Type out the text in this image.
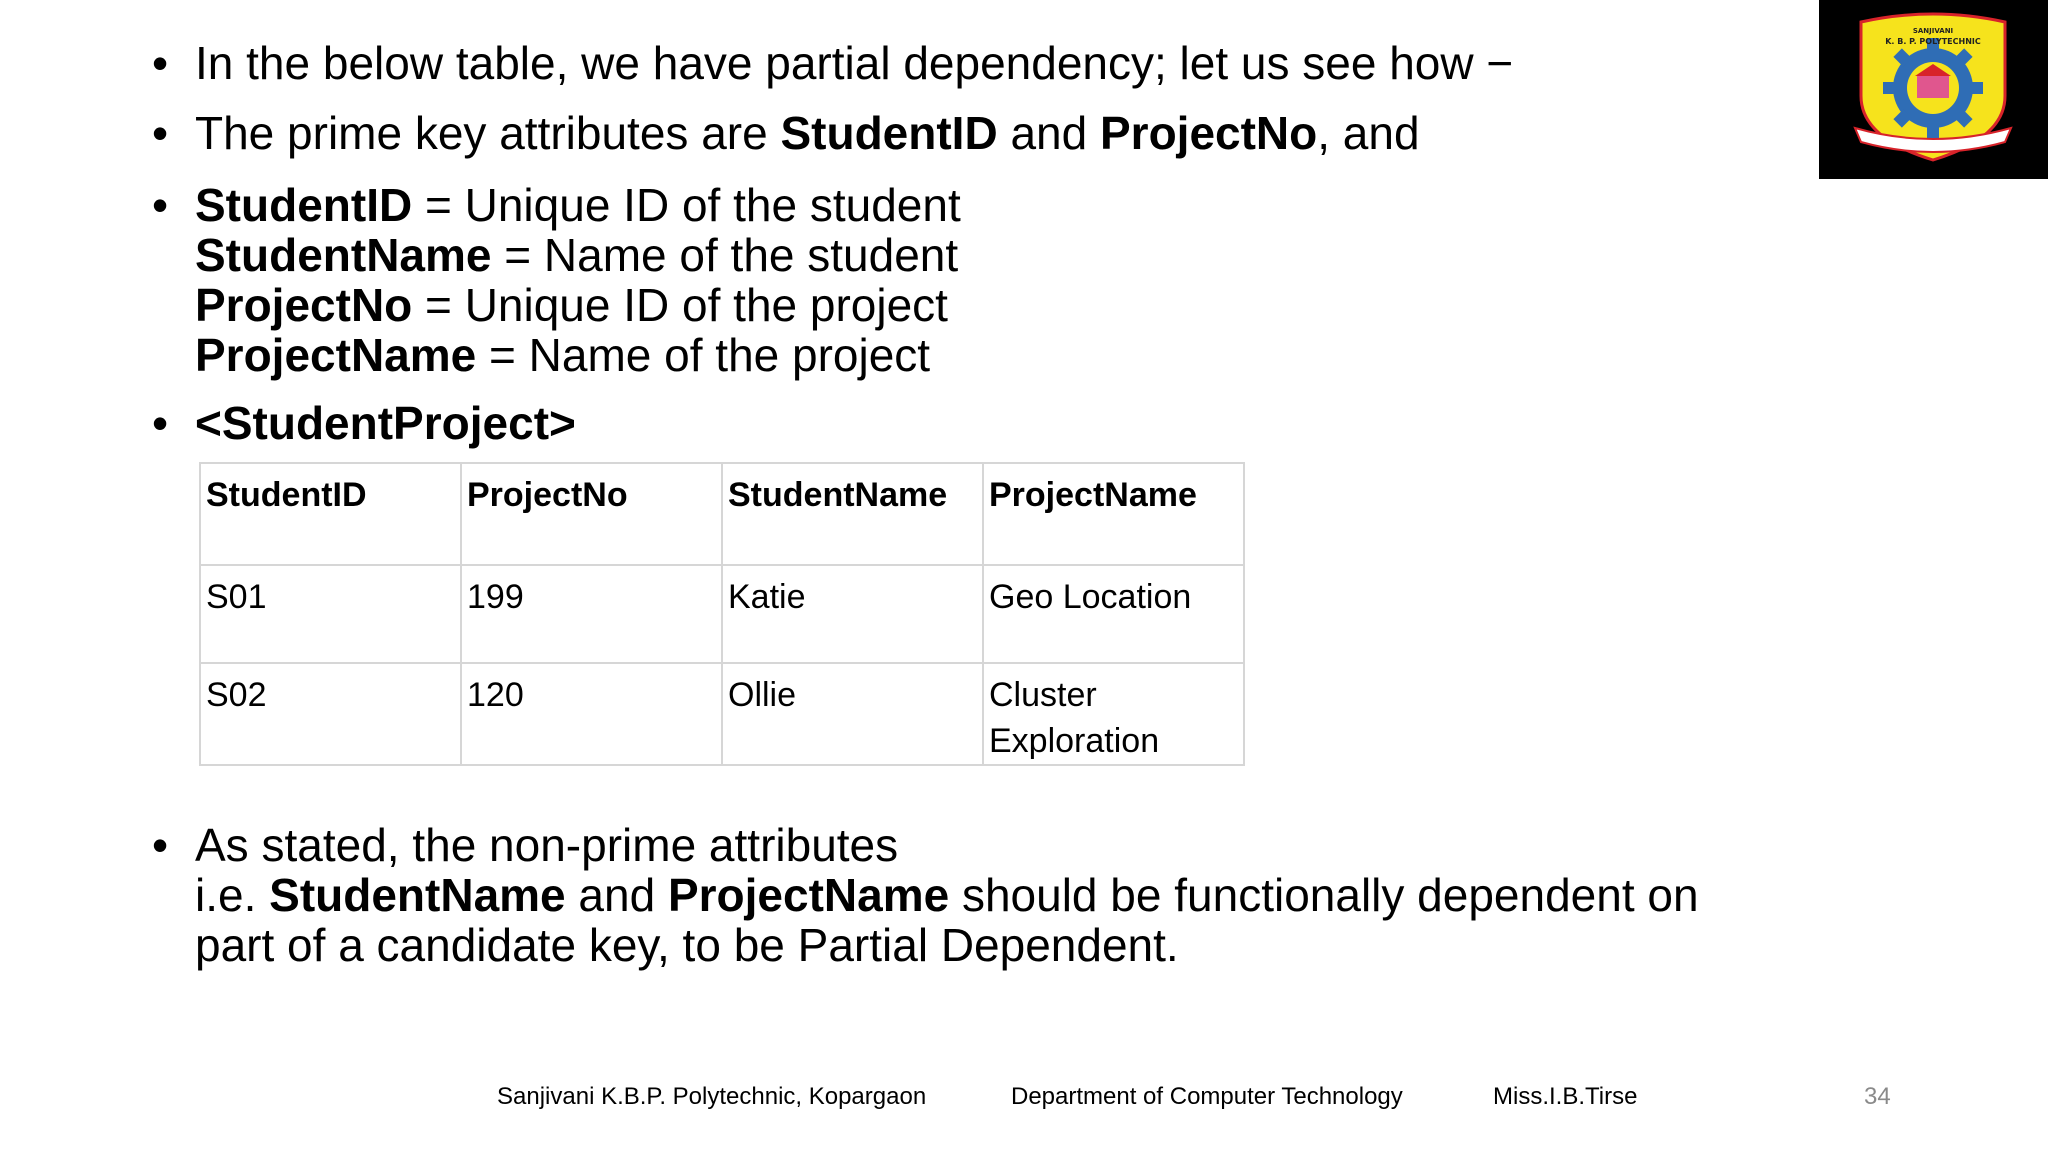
• In the below table, we have partial dependency; let us see how −
• The prime key attributes are StudentID and ProjectNo, and
• StudentID = Unique ID of the student
StudentName = Name of the student
ProjectNo = Unique ID of the project
ProjectName = Name of the project
• <StudentProject>
StudentID	ProjectNo	StudentName	ProjectName
S01	199	Katie	Geo Location
S02	120	Ollie	Cluster Exploration
• As stated, the non-prime attributes
i.e. StudentName and ProjectName should be functionally dependent on
part of a candidate key, to be Partial Dependent.
SANJIVANI
K. B. P. POLYTECHNIC
Sanjivani K.B.P. Polytechnic, Kopargaon	Department of Computer Technology	Miss.I.B.Tirse	34
